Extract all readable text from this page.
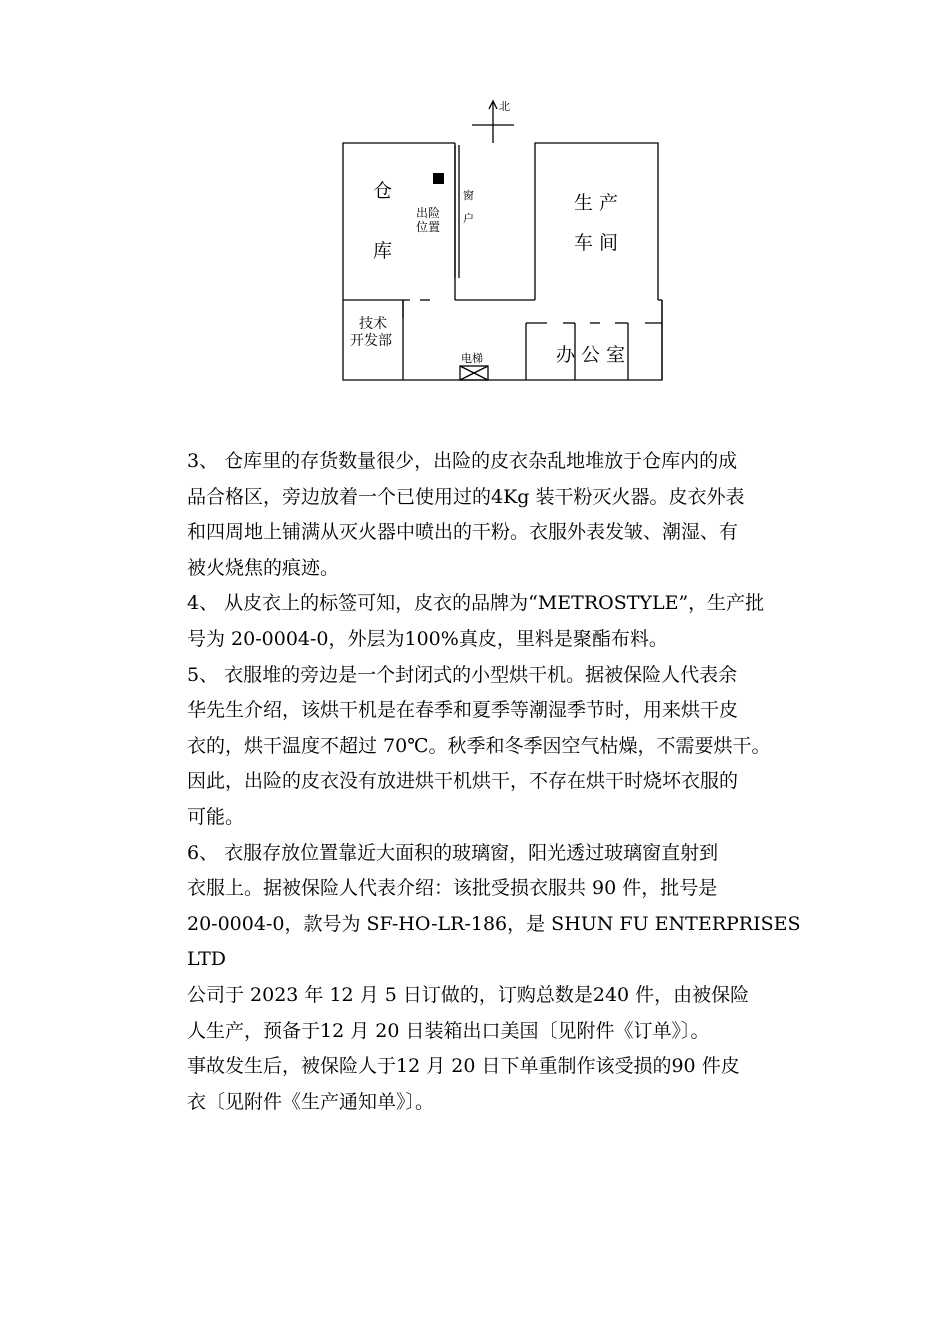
北
仓
库
出险
位置
窗
户
生 产
车 间
技术
开发部
电梯	办 公 室
3、 仓库里的存货数量很少，出险的皮衣杂乱地堆放于仓库内的成
品合格区，旁边放着一个已使用过的4Kg 装干粉灭火器。皮衣外表
和四周地上铺满从灭火器中喷出的干粉。衣服外表发皱、潮湿、有
被火烧焦的痕迹。
4、 从皮衣上的标签可知，皮衣的品牌为“METROSTYLE”，生产批
号为 20-0004-0，外层为100%真皮，里料是聚酯布料。
5、 衣服堆的旁边是一个封闭式的小型烘干机。据被保险人代表余
华先生介绍，该烘干机是在春季和夏季等潮湿季节时，用来烘干皮
衣的，烘干温度不超过 70℃。秋季和冬季因空气枯燥，不需要烘干。
因此，出险的皮衣没有放进烘干机烘干，不存在烘干时烧坏衣服的
可能。
6、 衣服存放位置靠近大面积的玻璃窗，阳光透过玻璃窗直射到
衣服上。据被保险人代表介绍：该批受损衣服共 90 件，批号是
20-0004-0，款号为 SF-HO-LR-186，是 SHUN FU ENTERPRISES
LTD
公司于 2023 年 12 月 5 日订做的，订购总数是240 件，由被保险
人生产，预备于12 月 20 日装箱出口美国〔见附件《订单》〕。
事故发生后，被保险人于12 月 20 日下单重制作该受损的90 件皮
衣〔见附件《生产通知单》〕。
